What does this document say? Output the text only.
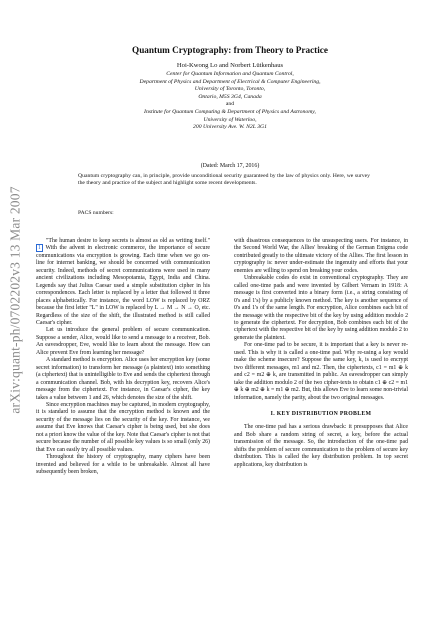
arXiv:quant-ph/0702202v3 13 Mar 2007
Quantum Cryptography: from Theory to Practice
Hoi-Kwong Lo and Norbert Lütkenhaus
Center for Quantum Information and Quantum Control,
Department of Physics and Department of Electrical & Computer Engineering,
University of Toronto, Toronto,
Ontario, M5S 3G4, Canada
and
Institute for Quantum Computing & Department of Physics and Astronomy,
University of Waterloo,
200 University Ave. W. N2L 3G1
(Dated: March 17, 2016)
Quantum cryptography can, in principle, provide unconditional security guaranteed by the law of physics only. Here, we survey the theory and practice of the subject and highlight some recent developments.
PACS numbers:

"The human desire to keep secrets is almost as old as writing itself." 1 With the advent in electronic commerce, the importance of secure communications via encryption is growing. Each time when we go on-line for internet banking, we should be concerned with communication security. Indeed, methods of secret communications were used in many ancient civilizations including Mesopotamia, Egypt, India and China. Legends say that Julius Caesar used a simple substitution cipher in his correspondences. Each letter is replaced by a letter that followed it three places alphabetically. For instance, the word LOW is replaced by ORZ because the first letter "L" in LOW is replaced by L → M → N → O, etc. Regardless of the size of the shift, the illustrated method is still called Caesar's cipher.

Let us introduce the general problem of secure communication. Suppose a sender, Alice, would like to send a message to a receiver, Bob. An eavesdropper, Eve, would like to learn about the message. How can Alice prevent Eve from learning her message?

A standard method is encryption. Alice uses her encryption key (some secret information) to transform her message (a plaintext) into something (a ciphertext) that is unintelligible to Eve and sends the ciphertext through a communication channel. Bob, with his decryption key, recovers Alice's message from the ciphertext. For instance, in Caesar's cipher, the key takes a value between 1 and 26, which denotes the size of the shift.

Since encryption machines may be captured, in modern cryptography, it is standard to assume that the encryption method is known and the security of the message lies on the security of the key. For instance, we assume that Eve knows that Caesar's cipher is being used, but she does not a priori know the value of the key. Note that Caesar's cipher is not that secure because the number of all possible key values is so small (only 26) that Eve can easily try all possible values.

Throughout the history of cryptography, many ciphers have been invented and believed for a while to be unbreakable. Almost all have subsequently been broken,

with disastrous consequences to the unsuspecting users. For instance, in the Second World War, the Allies' breaking of the German Enigma code contributed greatly to the ultimate victory of the Allies. The first lesson in cryptography is: never under-estimate the ingenuity and efforts that your enemies are willing to spend on breaking your codes.

Unbreakable codes do exist in conventional cryptography. They are called one-time pads and were invented by Gilbert Vernam in 1918: A message is first converted into a binary form (i.e., a string consisting of 0's and 1's) by a publicly known method. The key is another sequence of 0's and 1's of the same length. For encryption, Alice combines each bit of the message with the respective bit of the key by using addition modulo 2 to generate the ciphertext. For decryption, Bob combines each bit of the ciphertext with the respective bit of the key by using addition modulo 2 to generate the plaintext.

For one-time pad to be secure, it is important that a key is never re-used. This is why it is called a one-time pad. Why re-using a key would make the scheme insecure? Suppose the same key, k, is used to encrypt two different messages, m1 and m2. Then, the ciphertexts, c1 = m1 ⊕ k and c2 = m2 ⊕ k, are transmitted in public. An eavesdropper can simply take the addition modulo 2 of the two cipher-texts to obtain c1 ⊕ c2 = m1 ⊕ k ⊕ m2 ⊕ k = m1 ⊕ m2. But, this allows Eve to learn some non-trivial information, namely the parity, about the two original messages.

I. KEY DISTRIBUTION PROBLEM

The one-time pad has a serious drawback: it presupposes that Alice and Bob share a random string of secret, a key, before the actual transmission of the message. So, the introduction of the one-time pad shifts the problem of secure communication to the problem of secure key distribution. This is called the key distribution problem. In top secret applications, key distribution is
